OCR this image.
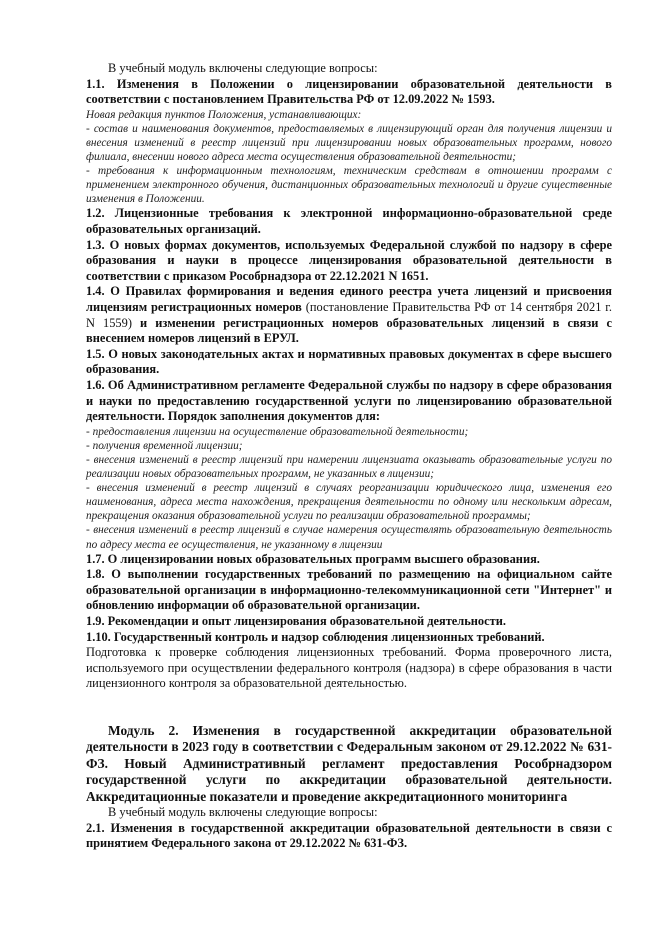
В учебный модуль включены следующие вопросы:

1.1. Изменения в Положении о лицензировании образовательной деятельности в соответствии с постановлением Правительства РФ от 12.09.2022 № 1593.

Новая редакция пунктов Положения, устанавливающих:

- состав и наименования документов, предоставляемых в лицензирующий орган для получения лицензии и внесения изменений в реестр лицензий при лицензировании новых образовательных программ, нового филиала, внесении нового адреса места осуществления образовательной деятельности;

- требования к информационным технологиям, техническим средствам в отношении программ с применением электронного обучения, дистанционных образовательных технологий и другие существенные изменения в Положении.

1.2. Лицензионные требования к электронной информационно-образовательной среде образовательных организаций.

1.3. О новых формах документов, используемых Федеральной службой по надзору в сфере образования и науки в процессе лицензирования образовательной деятельности в соответствии с приказом Рособрнадзора от 22.12.2021 N 1651.

1.4. О Правилах формирования и ведения единого реестра учета лицензий и присвоения лицензиям регистрационных номеров (постановление Правительства РФ от 14 сентября 2021 г. N 1559) и изменении регистрационных номеров образовательных лицензий в связи с внесением номеров лицензий в ЕРУЛ.

1.5. О новых законодательных актах и нормативных правовых документах в сфере высшего образования.

1.6. Об Административном регламенте Федеральной службы по надзору в сфере образования и науки по предоставлению государственной услуги по лицензированию образовательной деятельности. Порядок заполнения документов для:

- предоставления лицензии на осуществление образовательной деятельности;

- получения временной лицензии;

- внесения изменений в реестр лицензий при намерении лицензиата оказывать образовательные услуги по реализации новых образовательных программ, не указанных в лицензии;

- внесения изменений в реестр лицензий в случаях реорганизации юридического лица, изменения его наименования, адреса места нахождения, прекращения деятельности по одному или нескольким адресам, прекращения оказания образовательной услуги по реализации образовательной программы;

- внесения изменений в реестр лицензий в случае намерения осуществлять образовательную деятельность по адресу места ее осуществления, не указанному в лицензии

1.7. О лицензировании новых образовательных программ высшего образования.

1.8. О выполнении государственных требований по размещению на официальном сайте образовательной организации в информационно-телекоммуникационной сети "Интернет" и обновлению информации об образовательной организации.

1.9. Рекомендации и опыт лицензирования образовательной деятельности.

1.10. Государственный контроль и надзор соблюдения лицензионных требований.

Подготовка к проверке соблюдения лицензионных требований. Форма проверочного листа, используемого при осуществлении федерального контроля (надзора) в сфере образования в части лицензионного контроля за образовательной деятельностью.

Модуль 2. Изменения в государственной аккредитации образовательной деятельности в 2023 году в соответствии с Федеральным законом от 29.12.2022 № 631-ФЗ. Новый Административный регламент предоставления Рособрнадзором государственной услуги по аккредитации образовательной деятельности. Аккредитационные показатели и проведение аккредитационного мониторинга

В учебный модуль включены следующие вопросы:

2.1. Изменения в государственной аккредитации образовательной деятельности в связи с принятием Федерального закона от 29.12.2022 № 631-ФЗ.
